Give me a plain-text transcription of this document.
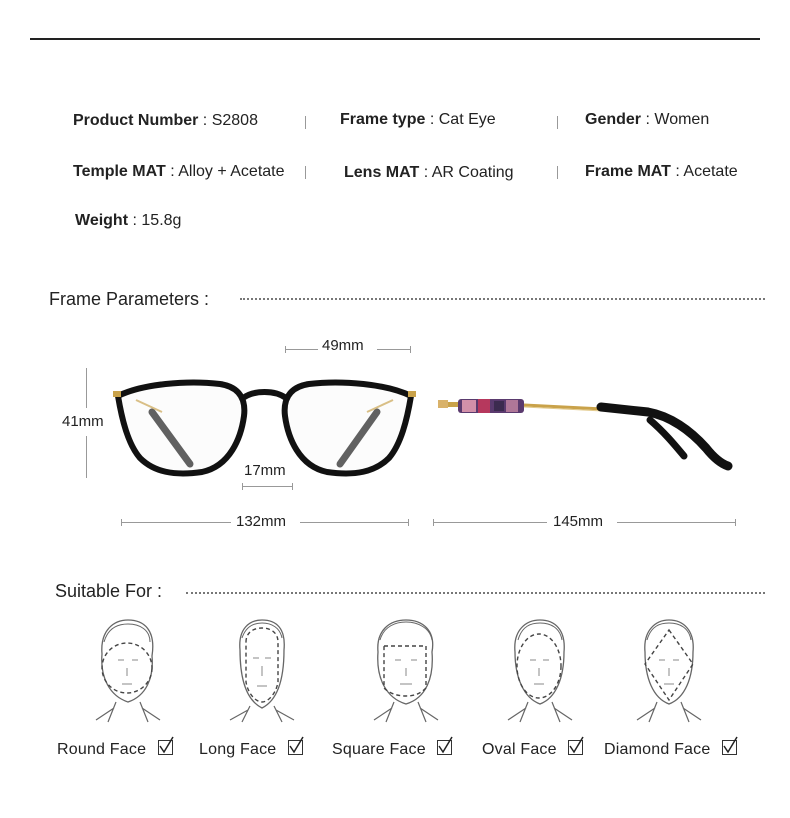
Product Number : S2808	Frame type : Cat Eye	Gender : Women
Temple MAT : Alloy + Acetate	Lens MAT : AR Coating	Frame MAT : Acetate
Weight : 15.8g
Frame Parameters :
49mm
41mm
17mm
132mm	145mm
Suitable For :
Round Face	Long Face	Square Face	Oval Face	Diamond Face
